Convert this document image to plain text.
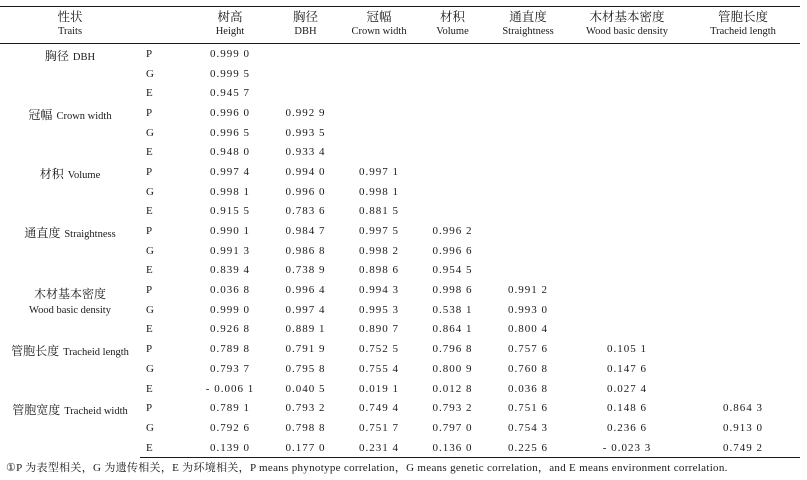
性状		树高	胸径	冠幅	材积	通直度	木材基本密度	管胞长度
Traits		Height	DBH	Crown width	Volume	Straightness	Wood basic density	Tracheid length
胸径 DBH	P	0.999 0						
	G	0.999 5						
	E	0.945 7						
冠幅 Crown width	P	0.996 0	0.992 9					
	G	0.996 5	0.993 5					
	E	0.948 0	0.933 4					
材积 Volume	P	0.997 4	0.994 0	0.997 1				
	G	0.998 1	0.996 0	0.998 1				
	E	0.915 5	0.783 6	0.881 5				
通直度 Straightness	P	0.990 1	0.984 7	0.997 5	0.996 2			
	G	0.991 3	0.986 8	0.998 2	0.996 6			
	E	0.839 4	0.738 9	0.898 6	0.954 5			
木材基本密度
Wood basic density	P	0.036 8	0.996 4	0.994 3	0.998 6	0.991 2		
	G	0.999 0	0.997 4	0.995 3	0.538 1	0.993 0		
	E	0.926 8	0.889 1	0.890 7	0.864 1	0.800 4		
管胞长度 Tracheid length	P	0.789 8	0.791 9	0.752 5	0.796 8	0.757 6	0.105 1	
	G	0.793 7	0.795 8	0.755 4	0.800 9	0.760 8	0.147 6	
	E	- 0.006 1	0.040 5	0.019 1	0.012 8	0.036 8	0.027 4	
管胞宽度 Tracheid width	P	0.789 1	0.793 2	0.749 4	0.793 2	0.751 6	0.148 6	0.864 3
	G	0.792 6	0.798 8	0.751 7	0.797 0	0.754 3	0.236 6	0.913 0
	E	0.139 0	0.177 0	0.231 4	0.136 0	0.225 6	- 0.023 3	0.749 2
①P 为表型相关，G 为遗传相关，E 为环境相关，P means phynotype correlation，G means genetic correlation，and E means environment correlation.
